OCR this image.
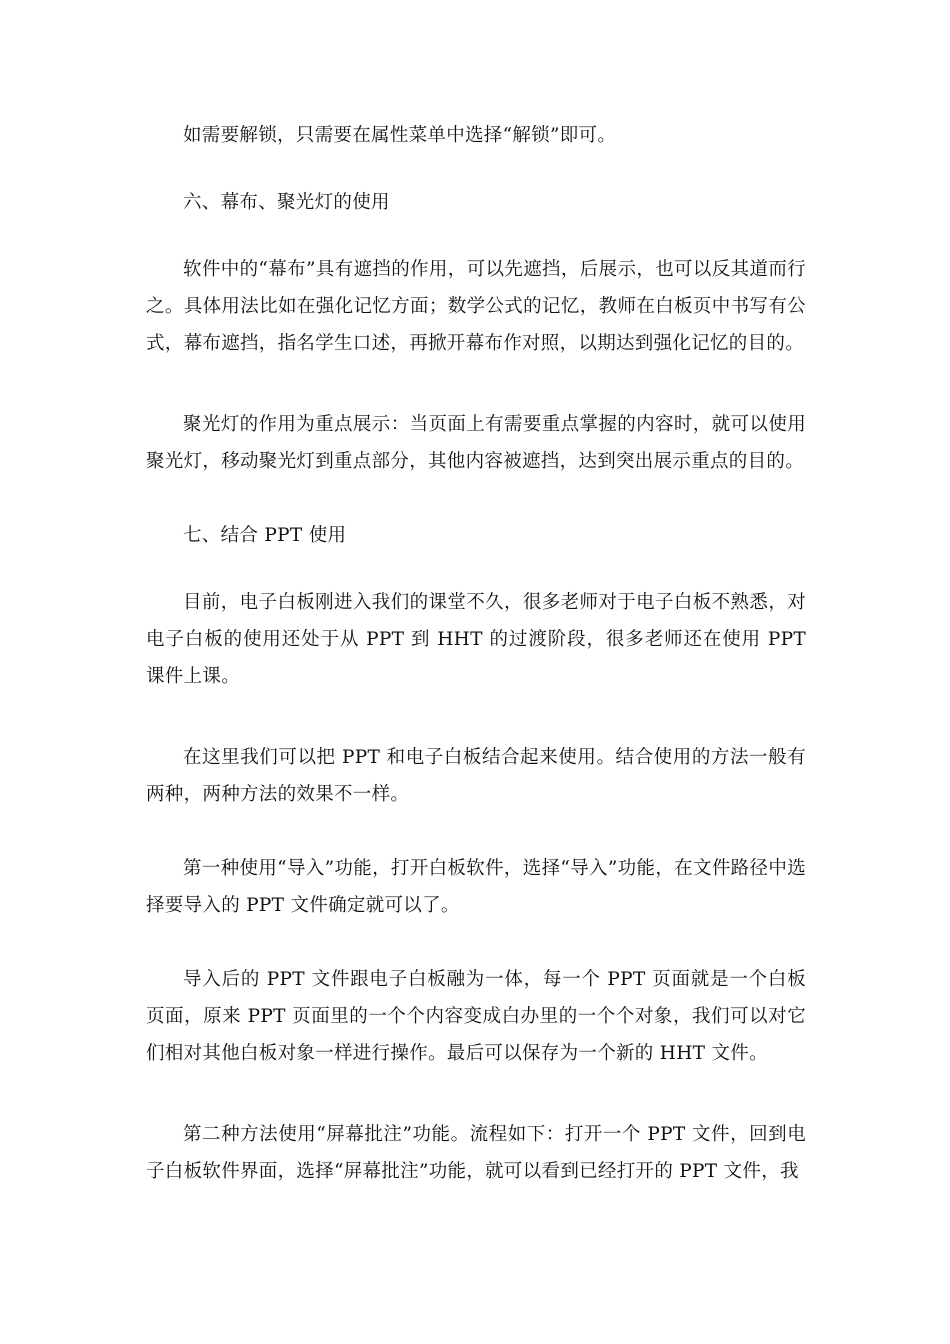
如需要解锁，只需要在属性菜单中选择“解锁”即可。

六、幕布、聚光灯的使用

软件中的“幕布”具有遮挡的作用，可以先遮挡，后展示，也可以反其道而行之。具体用法比如在强化记忆方面；数学公式的记忆，教师在白板页中书写有公式，幕布遮挡，指名学生口述，再掀开幕布作对照，以期达到强化记忆的目的。

聚光灯的作用为重点展示：当页面上有需要重点掌握的内容时，就可以使用聚光灯，移动聚光灯到重点部分，其他内容被遮挡，达到突出展示重点的目的。

七、结合 PPT 使用

目前，电子白板刚进入我们的课堂不久，很多老师对于电子白板不熟悉，对电子白板的使用还处于从 PPT 到 HHT 的过渡阶段，很多老师还在使用 PPT 课件上课。

在这里我们可以把 PPT 和电子白板结合起来使用。结合使用的方法一般有两种，两种方法的效果不一样。

第一种使用“导入”功能，打开白板软件，选择“导入”功能，在文件路径中选择要导入的 PPT 文件确定就可以了。

导入后的 PPT 文件跟电子白板融为一体，每一个 PPT 页面就是一个白板页面，原来 PPT 页面里的一个个内容变成白办里的一个个对象，我们可以对它们相对其他白板对象一样进行操作。最后可以保存为一个新的 HHT 文件。

第二种方法使用“屏幕批注”功能。流程如下：打开一个 PPT 文件，回到电子白板软件界面，选择“屏幕批注”功能，就可以看到已经打开的 PPT 文件，我
